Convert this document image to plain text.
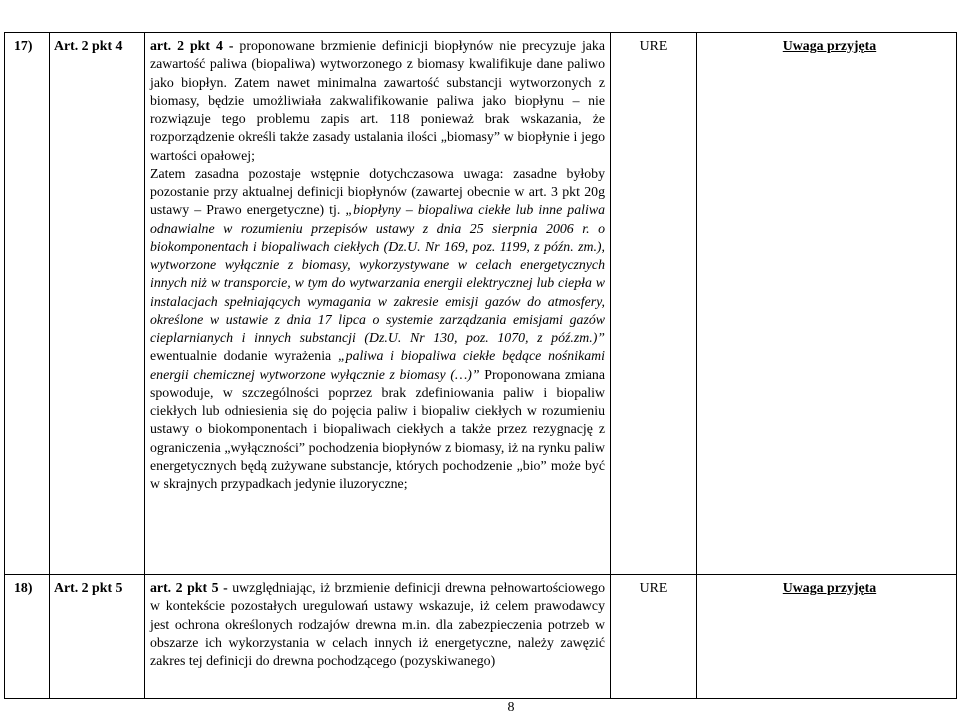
17)	Art. 2 pkt 4	art. 2 pkt 4 - proponowane brzmienie definicji biopłynów nie precyzuje jaka zawartość paliwa (biopaliwa) wytworzonego z biomasy kwalifikuje dane paliwo jako biopłyn. Zatem nawet minimalna zawartość substancji wytworzonych z biomasy, będzie umożliwiała zakwalifikowanie paliwa jako biopłynu – nie rozwiązuje tego problemu zapis art. 118 ponieważ brak wskazania, że rozporządzenie określi także zasady ustalania ilości „biomasy” w biopłynie i jego wartości opałowej;
Zatem zasadna pozostaje wstępnie dotychczasowa uwaga: zasadne byłoby pozostanie przy aktualnej definicji biopłynów (zawartej obecnie w art. 3 pkt 20g ustawy – Prawo energetyczne) tj. „biopłyny – biopaliwa ciekłe lub inne paliwa odnawialne w rozumieniu przepisów ustawy z dnia 25 sierpnia 2006 r. o biokomponentach i biopaliwach ciekłych (Dz.U. Nr 169, poz. 1199, z późn. zm.), wytworzone wyłącznie z biomasy, wykorzystywane w celach energetycznych innych niż w transporcie, w tym do wytwarzania energii elektrycznej lub ciepła w instalacjach spełniających wymagania w zakresie emisji gazów do atmosfery, określone w ustawie z dnia 17 lipca o systemie zarządzania emisjami gazów cieplarnianych i innych substancji (Dz.U. Nr 130, poz. 1070, z póź.zm.)” ewentualnie dodanie wyrażenia „paliwa i biopaliwa ciekłe będące nośnikami energii chemicznej wytworzone wyłącznie z biomasy (…)” Proponowana zmiana spowoduje, w szczególności poprzez brak zdefiniowania paliw i biopaliw ciekłych lub odniesienia się do pojęcia paliw i biopaliw ciekłych w rozumieniu ustawy o biokomponentach i biopaliwach ciekłych a także przez rezygnację z ograniczenia „wyłączności” pochodzenia biopłynów z biomasy, iż na rynku paliw energetycznych będą zużywane substancje, których pochodzenie „bio” może być w skrajnych przypadkach jedynie iluzoryczne;	URE	Uwaga przyjęta
18)	Art. 2 pkt 5	art. 2 pkt 5 - uwzględniając, iż brzmienie definicji drewna pełnowartościowego w kontekście pozostałych uregulowań ustawy wskazuje, iż celem prawodawcy jest ochrona określonych rodzajów drewna m.in. dla zabezpieczenia potrzeb w obszarze ich wykorzystania w celach innych iż energetyczne, należy zawęzić zakres tej definicji do drewna pochodzącego (pozyskiwanego)	URE	Uwaga przyjęta
8
